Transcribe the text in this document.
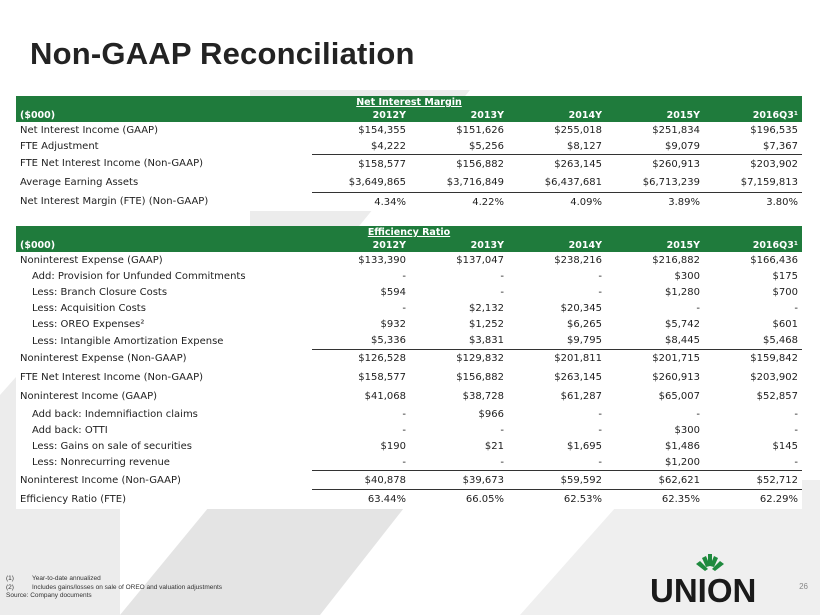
Non-GAAP Reconciliation
Net Interest Margin					
($000)	2012Y	2013Y	2014Y	2015Y	2016Q3¹
Net Interest Income (GAAP)	$154,355	$151,626	$255,018	$251,834	$196,535
FTE Adjustment	$4,222	$5,256	$8,127	$9,079	$7,367
FTE Net Interest Income (Non-GAAP)	$158,577	$156,882	$263,145	$260,913	$203,902
Average Earning Assets	$3,649,865	$3,716,849	$6,437,681	$6,713,239	$7,159,813
Net Interest Margin (FTE) (Non-GAAP)	4.34%	4.22%	4.09%	3.89%	3.80%
Efficiency Ratio					
($000)	2012Y	2013Y	2014Y	2015Y	2016Q3¹
Noninterest Expense (GAAP)	$133,390	$137,047	$238,216	$216,882	$166,436
Add: Provision for Unfunded Commitments	-	-	-	$300	$175
Less: Branch Closure Costs	$594	-	-	$1,280	$700
Less: Acquisition Costs	-	$2,132	$20,345	-	-
Less: OREO Expenses²	$932	$1,252	$6,265	$5,742	$601
Less: Intangible Amortization Expense	$5,336	$3,831	$9,795	$8,445	$5,468
Noninterest Expense (Non-GAAP)	$126,528	$129,832	$201,811	$201,715	$159,842
FTE Net Interest Income (Non-GAAP)	$158,577	$156,882	$263,145	$260,913	$203,902
Noninterest Income (GAAP)	$41,068	$38,728	$61,287	$65,007	$52,857
Add back: Indemnifiaction claims	-	$966	-	-	-
Add back: OTTI	-	-	-	$300	-
Less: Gains on sale of securities	$190	$21	$1,695	$1,486	$145
Less: Nonrecurring revenue	-	-	-	$1,200	-
Noninterest Income (Non-GAAP)	$40,878	$39,673	$59,592	$62,621	$52,712
Efficiency Ratio (FTE)	63.44%	66.05%	62.53%	62.35%	62.29%
(1)	Year-to-date annualized
(2)	Includes gains/losses on sale of OREO and valuation adjustments
Source: Company documents	UNION	26
